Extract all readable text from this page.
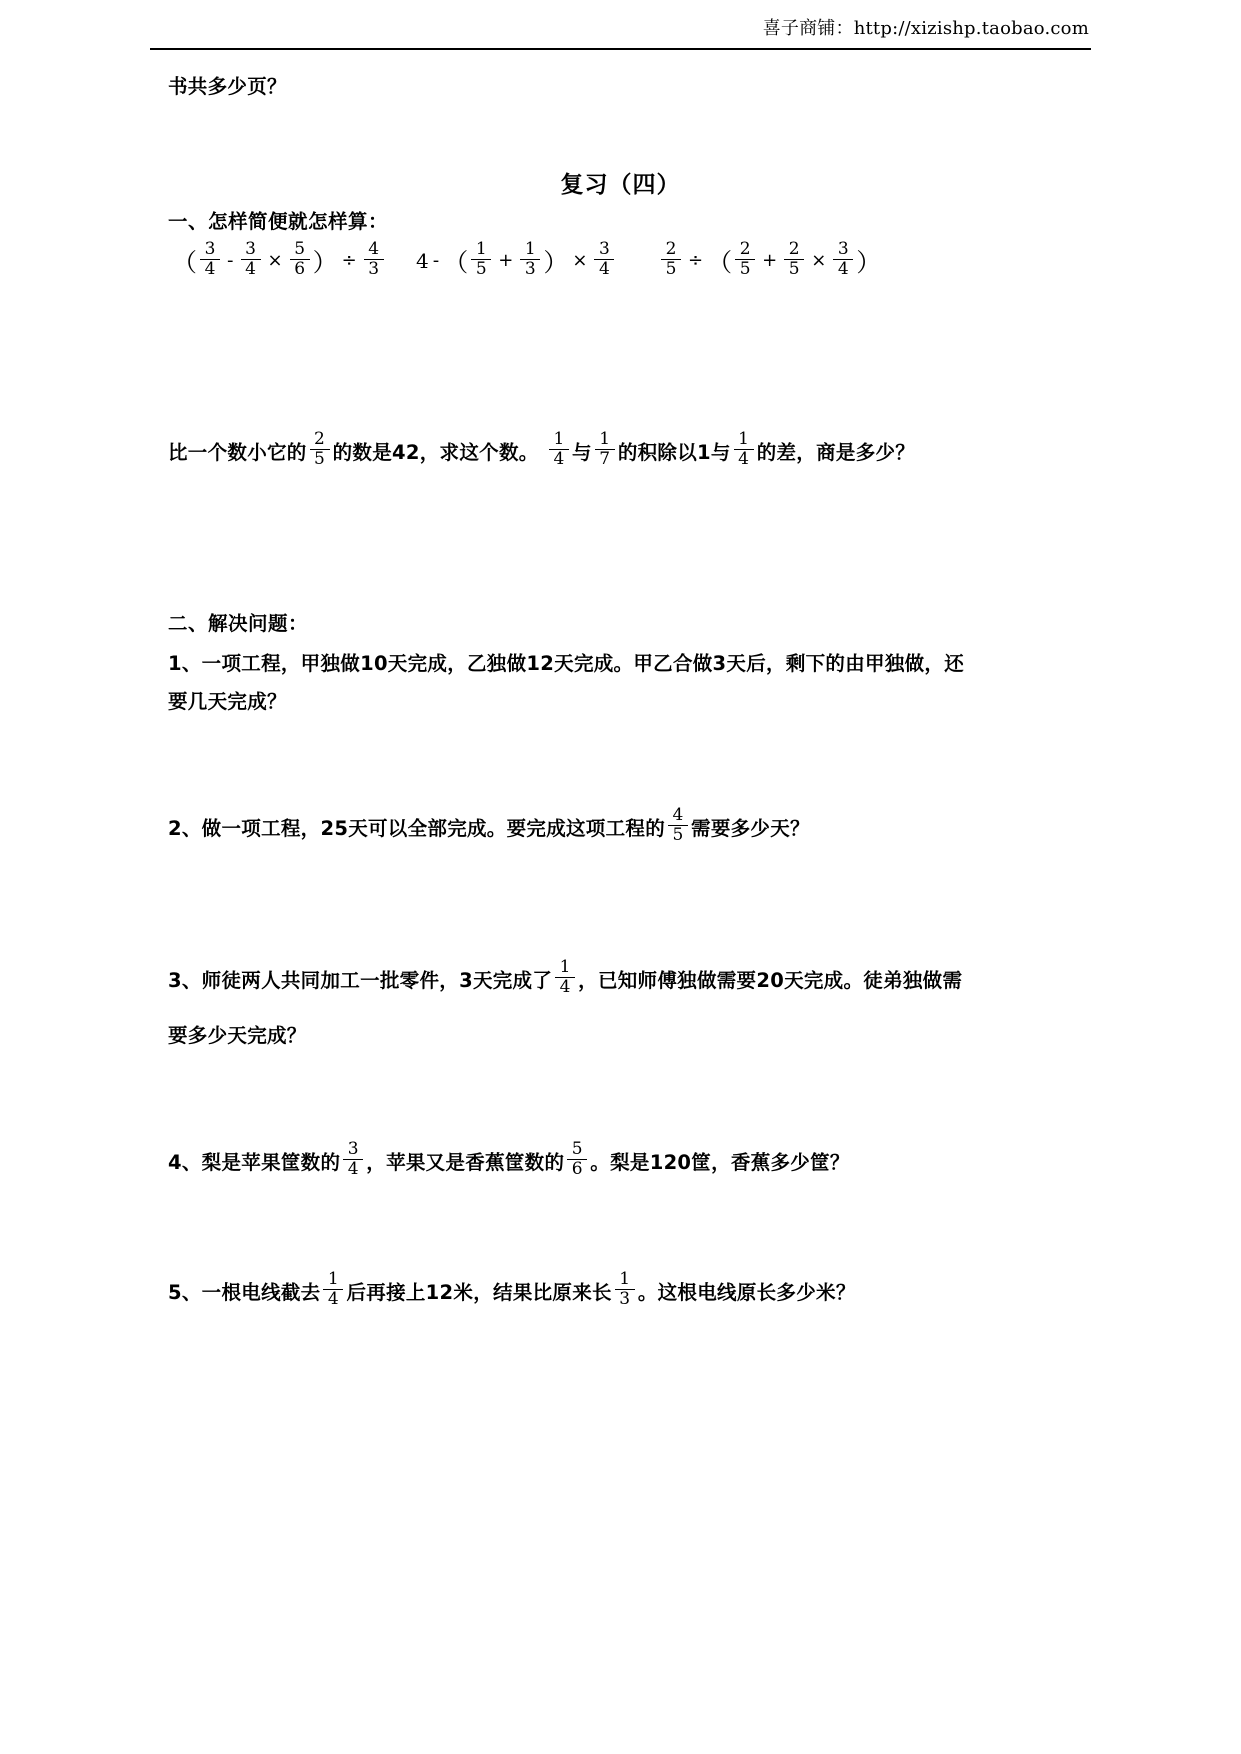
喜子商铺：http://xizishp.taobao.com
书共多少页？
复习（四）
一、怎样简便就怎样算：
（ $\frac{3}{4} - \frac{3}{4} \times \frac{5}{6}$ ） ÷ $\frac{4}{3} 4$ - （ $\frac{1}{5} + \frac{1}{3}$ ） × $\frac{3}{4}$	$\frac{2}{5}$ ÷ （ $\frac{2}{5} + \frac{2}{5} \times \frac{3}{4}$ ）
比一个数小它的 $\frac{2}{5}$ 的数是42，求这个数。 $\frac{1}{4}$ 与 $\frac{1}{7}$ 的积除以1与 $\frac{1}{4}$ 的差，商是多少？
二、解决问题：
1、一项工程，甲独做10天完成，乙独做12天完成。甲乙合做3天后，剩下的由甲独做，还
要几天完成？
2、 做一项工程，25天可以全部完成。要完成这项工程的 $\frac{4}{5}$ 需要多少天？
3、 师徒两人共同加工一批零件，3天完成了 $\frac{1}{4}$ ，已知师傅独做需要20天完成。徒弟独做需
要多少天完成？
4、 梨是苹果筐数的 $\frac{3}{4}$ ，苹果又是香蕉筐数的 $\frac{5}{6}$ 。梨是120筐，香蕉多少筐？
5、 一根电线截去 $\frac{1}{4}$ 后再接上12米，结果比原来长 $\frac{1}{3}$ 。这根电线原长多少米？
